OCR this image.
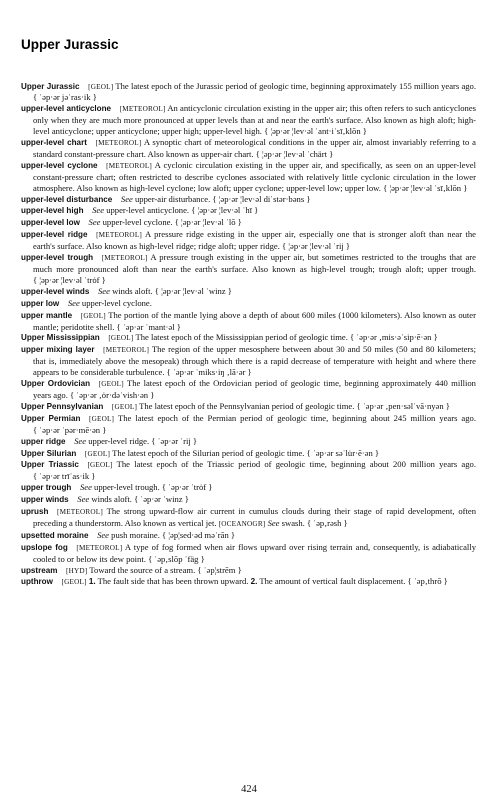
Upper Jurassic
Upper Jurassic  [GEOL] The latest epoch of the Jurassic period of geologic time, beginning approximately 155 million years ago. { ˈəp·ər jəˈras·ik }
upper-level anticyclone  [METEOROL] An anticyclonic circulation existing in the upper air; this often refers to such anticyclones only when they are much more pronounced at upper levels than at and near the earth's surface. Also known as high aloft; high-level anticyclone; upper anticyclone; upper high; upper-level high. { ¦əp·ər ¦lev·əl ˈant·iˈsī‚klōn }
upper-level chart  [METEOROL] A synoptic chart of meteorological conditions in the upper air, almost invariably referring to a standard constant-pressure chart. Also known as upper-air chart. { ¦əp·ər ¦lev·əl ˈchärt }
upper-level cyclone  [METEOROL] A cyclonic circulation existing in the upper air, and specifically, as seen on an upper-level constant-pressure chart; often restricted to describe cyclones associated with relatively little cyclonic circulation in the lower atmosphere. Also known as high-level cyclone; low aloft; upper cyclone; upper-level low; upper low. { ¦əp·ər ¦lev·əl ˈsī‚klōn }
upper-level disturbance  See upper-air disturbance. { ¦əp·ər ¦lev·əl diˈstər·bəns }
upper-level high  See upper-level anticyclone. { ¦əp·ər ¦lev·əl ˈhī }
upper-level low  See upper-level cyclone. { ¦əp·ər ¦lev·əl ˈlō }
upper-level ridge  [METEOROL] A pressure ridge existing in the upper air, especially one that is stronger aloft than near the earth's surface. Also known as high-level ridge; ridge aloft; upper ridge. { ¦əp·ər ¦lev·əl ˈrij }
upper-level trough  [METEOROL] A pressure trough existing in the upper air, but sometimes restricted to the troughs that are much more pronounced aloft than near the earth's surface. Also known as high-level trough; trough aloft; upper trough. { ¦əp·ər ¦lev·əl ˈtrȯf }
upper-level winds  See winds aloft. { ¦əp·ər ¦lev·əl ˈwinz }
upper low  See upper-level cyclone.
upper mantle  [GEOL] The portion of the mantle lying above a depth of about 600 miles (1000 kilometers). Also known as outer mantle; peridotite shell. { ˈəp·ər ˈmant·əl }
Upper Mississippian  [GEOL] The latest epoch of the Mississippian period of geologic time. { ˈəp·ər ‚mis·əˈsip·ē·ən }
upper mixing layer  [METEOROL] The region of the upper mesosphere between about 30 and 50 miles (50 and 80 kilometers; that is, immediately above the mesopeak) through which there is a rapid decrease of temperature with height and where there appears to be considerable turbulence. { ˈəp·ər ˈmiks·iŋ ‚lā·ər }
Upper Ordovician  [GEOL] The latest epoch of the Ordovician period of geologic time, beginning approximately 440 million years ago. { ˈəp·ər ‚ȯr·dəˈvish·ən }
Upper Pennsylvanian  [GEOL] The latest epoch of the Pennsylvanian period of geologic time. { ˈəp·ər ‚pen·səlˈvā·nyən }
Upper Permian  [GEOL] The latest epoch of the Permian period of geologic time, beginning about 245 million years ago. { ˈəp·ər ˈpər·mē·ən }
upper ridge  See upper-level ridge. { ˈəp·ər ˈrij }
Upper Silurian  [GEOL] The latest epoch of the Silurian period of geologic time. { ˈəp·ər səˈlu̇r·ē·ən }
Upper Triassic  [GEOL] The latest epoch of the Triassic period of geologic time, beginning about 200 million years ago. { ˈəp·ər trīˈas·ik }
upper trough  See upper-level trough. { ˈəp·ər ˈtrȯf }
upper winds  See winds aloft. { ˈəp·ər ˈwinz }
uprush  [METEOROL] The strong upward-flow air current in cumulus clouds during their stage of rapid development, often preceding a thunderstorm. Also known as vertical jet. [OCEANOGR] See swash. { ˈəp‚rəsh }
upsetted moraine  See push moraine. { ¦əp¦sed·əd məˈrān }
upslope fog  [METEOROL] A type of fog formed when air flows upward over rising terrain and, consequently, is adiabatically cooled to or below its dew point. { ˈəp‚slōp ˈfäg }
upstream  [HYD] Toward the source of a stream. { ˈəp¦strēm }
upthrow  [GEOL] 1. The fault side that has been thrown upward. 2. The amount of vertical fault displacement. { ˈəp‚thrō }
424
